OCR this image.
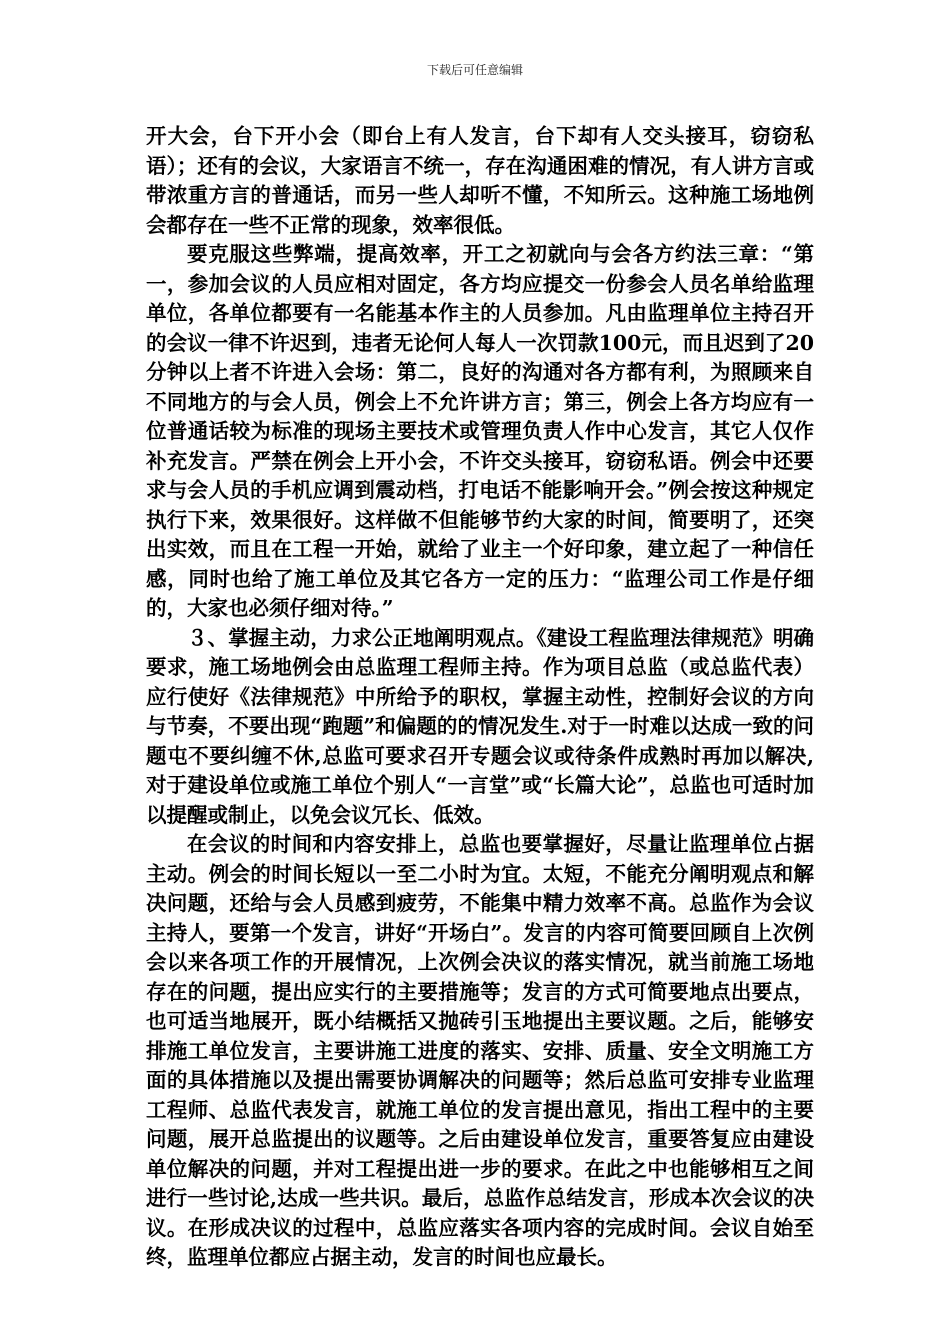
下载后可任意编辑

开大会，台下开小会（即台上有人发言，台下却有人交头接耳，窃窃私语）；还有的会议，大家语言不统一，存在沟通困难的情况，有人讲方言或带浓重方言的普通话，而另一些人却听不懂，不知所云。这种施工场地例会都存在一些不正常的现象，效率很低。

要克服这些弊端，提高效率，开工之初就向与会各方约法三章：“第一，参加会议的人员应相对固定，各方均应提交一份参会人员名单给监理单位，各单位都要有一名能基本作主的人员参加。凡由监理单位主持召开的会议一律不许迟到，违者无论何人每人一次罚款100元，而且迟到了20分钟以上者不许进入会场：第二，良好的沟通对各方都有利，为照顾来自不同地方的与会人员，例会上不允许讲方言；第三，例会上各方均应有一位普通话较为标准的现场主要技术或管理负责人作中心发言，其它人仅作补充发言。严禁在例会上开小会，不许交头接耳，窃窃私语。例会中还要求与会人员的手机应调到震动档，打电话不能影响开会。”例会按这种规定执行下来，效果很好。这样做不但能够节约大家的时间，简要明了，还突出实效，而且在工程一开始，就给了业主一个好印象，建立起了一种信任感，同时也给了施工单位及其它各方一定的压力：“监理公司工作是仔细的，大家也必须仔细对待。”

３、掌握主动，力求公正地阐明观点。《建设工程监理法律规范》明确要求，施工场地例会由总监理工程师主持。作为项目总监（或总监代表）应行使好《法律规范》中所给予的职权，掌握主动性，控制好会议的方向与节奏，不要出现“跑题”和偏题的的情况发生.对于一时难以达成一致的问题屯不要纠缠不休,总监可要求召开专题会议或待条件成熟时再加以解决,对于建设单位或施工单位个别人“一言堂”或“长篇大论”，总监也可适时加以提醒或制止，以免会议冗长、低效。

在会议的时间和内容安排上，总监也要掌握好，尽量让监理单位占据主动。例会的时间长短以一至二小时为宜。太短，不能充分阐明观点和解决问题，还给与会人员感到疲劳，不能集中精力效率不高。总监作为会议主持人，要第一个发言，讲好“开场白”。发言的内容可简要回顾自上次例会以来各项工作的开展情况，上次例会决议的落实情况，就当前施工场地存在的问题，提出应实行的主要措施等；发言的方式可简要地点出要点，也可适当地展开，既小结概括又抛砖引玉地提出主要议题。之后，能够安排施工单位发言，主要讲施工进度的落实、安排、质量、安全文明施工方面的具体措施以及提出需要协调解决的问题等；然后总监可安排专业监理工程师、总监代表发言，就施工单位的发言提出意见，指出工程中的主要问题，展开总监提出的议题等。之后由建设单位发言，重要答复应由建设单位解决的问题，并对工程提出进一步的要求。在此之中也能够相互之间进行一些讨论,达成一些共识。最后，总监作总结发言，形成本次会议的决议。在形成决议的过程中，总监应落实各项内容的完成时间。会议自始至终，监理单位都应占据主动，发言的时间也应最长。
